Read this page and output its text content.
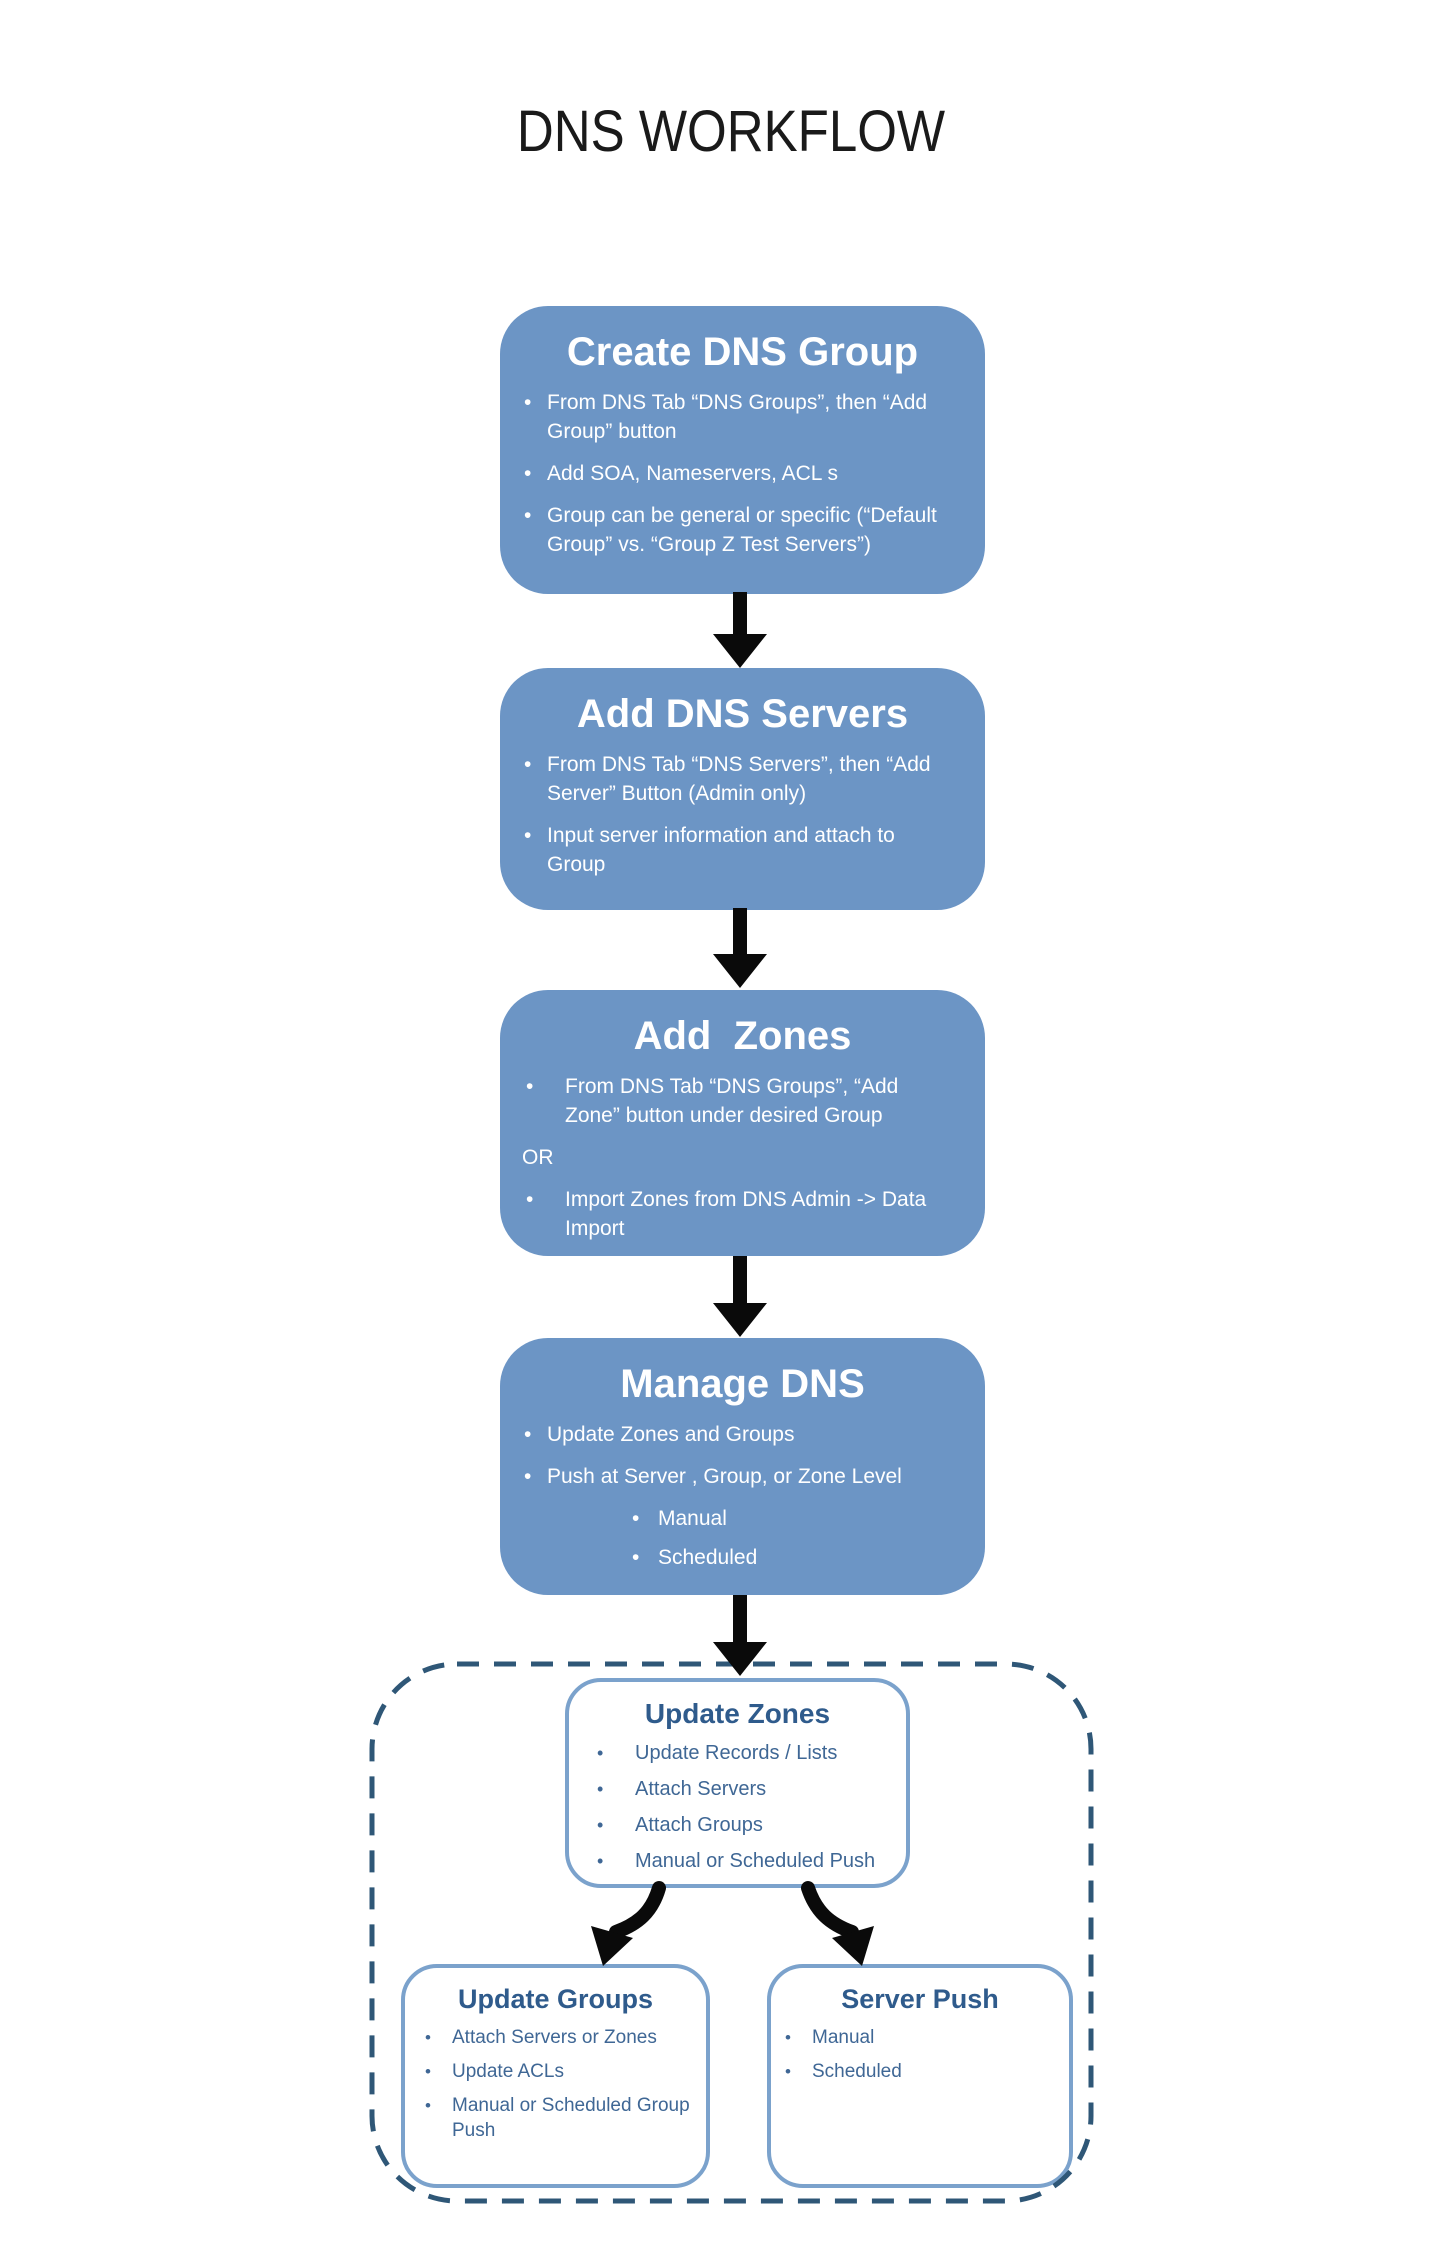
DNS WORKFLOW
Create DNS Group
• From DNS Tab “DNS Groups”, then “Add Group” button
• Add SOA, Nameservers, ACL s
• Group can be general or specific (“Default Group” vs. “Group Z Test Servers”)
Add DNS Servers
• From DNS Tab “DNS Servers”, then “Add Server” Button (Admin only)
• Input server information and attach to Group
Add  Zones
• From DNS Tab “DNS Groups”, “Add Zone” button under desired Group
OR
• Import Zones from DNS Admin -> Data Import
Manage DNS
• Update Zones and Groups
• Push at Server , Group, or Zone Level
• Manual
• Scheduled
Update Zones
• Update Records / Lists
• Attach Servers
• Attach Groups
• Manual or Scheduled Push
Update Groups
• Attach Servers or Zones
• Update ACLs
• Manual or Scheduled Group Push
Server Push
• Manual
• Scheduled
